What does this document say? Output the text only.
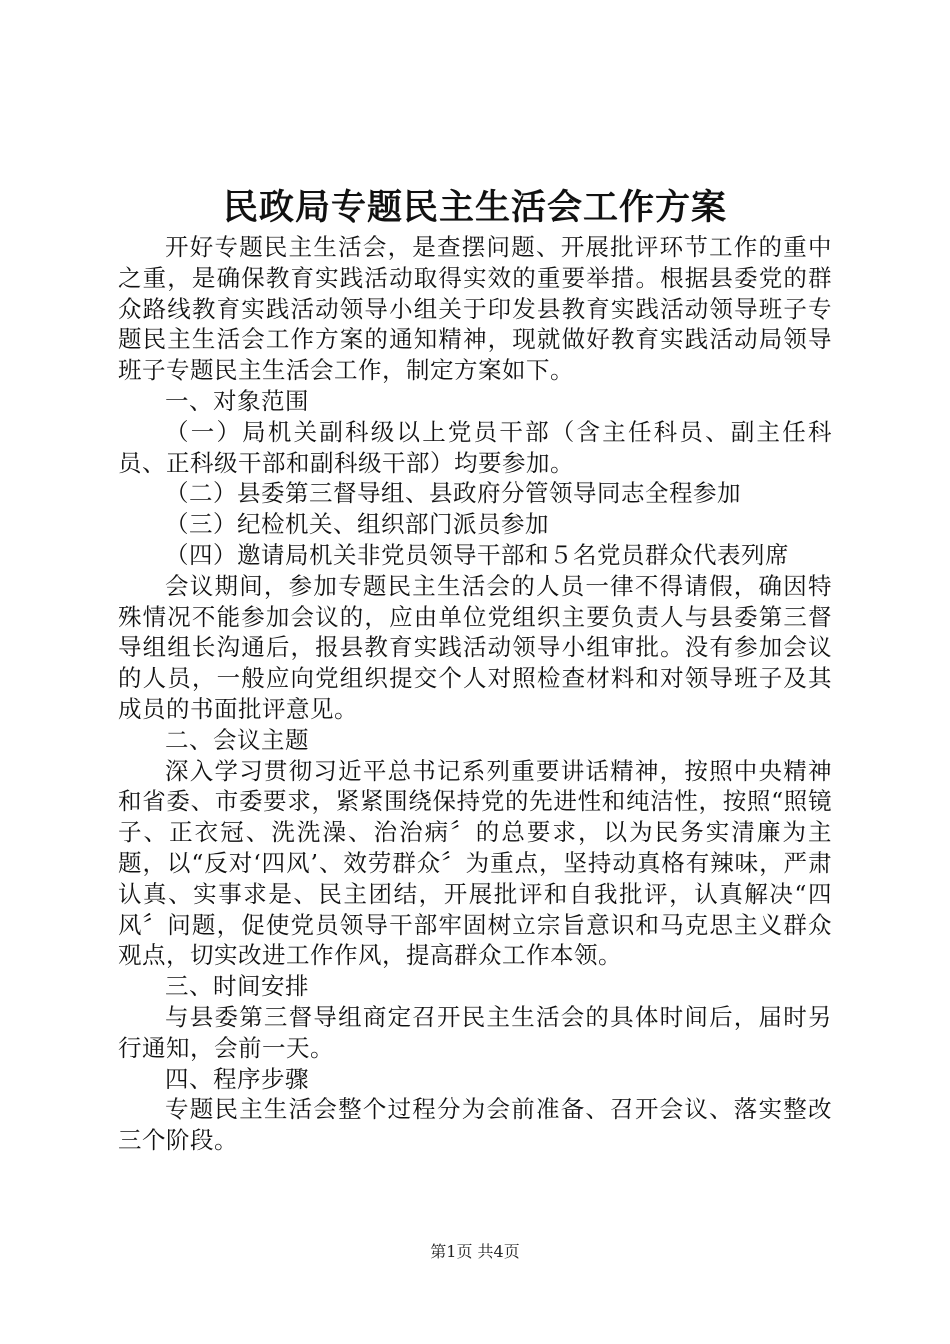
民政局专题民主生活会工作方案

开好专题民主生活会，是查摆问题、开展批评环节工作的重中之重，是确保教育实践活动取得实效的重要举措。根据县委党的群众路线教育实践活动领导小组关于印发县教育实践活动领导班子专题民主生活会工作方案的通知精神，现就做好教育实践活动局领导班子专题民主生活会工作，制定方案如下。

一、对象范围

（一）局机关副科级以上党员干部（含主任科员、副主任科员、正科级干部和副科级干部）均要参加。

（二）县委第三督导组、县政府分管领导同志全程参加

（三）纪检机关、组织部门派员参加

（四）邀请局机关非党员领导干部和５名党员群众代表列席

会议期间，参加专题民主生活会的人员一律不得请假，确因特殊情况不能参加会议的，应由单位党组织主要负责人与县委第三督导组组长沟通后，报县教育实践活动领导小组审批。没有参加会议的人员，一般应向党组织提交个人对照检查材料和对领导班子及其成员的书面批评意见。

二、会议主题

深入学习贯彻习近平总书记系列重要讲话精神，按照中央精神和省委、市委要求，紧紧围绕保持党的先进性和纯洁性，按照“照镜子、正衣冠、洗洗澡、治治病〞的总要求，以为民务实清廉为主题，以“反对‘四风’、效劳群众〞为重点，坚持动真格有辣味，严肃认真、实事求是、民主团结，开展批评和自我批评，认真解决“四风〞问题，促使党员领导干部牢固树立宗旨意识和马克思主义群众观点，切实改进工作作风，提高群众工作本领。

三、时间安排

与县委第三督导组商定召开民主生活会的具体时间后，届时另行通知，会前一天。

四、程序步骤

专题民主生活会整个过程分为会前准备、召开会议、落实整改三个阶段。

第1页 共4页
